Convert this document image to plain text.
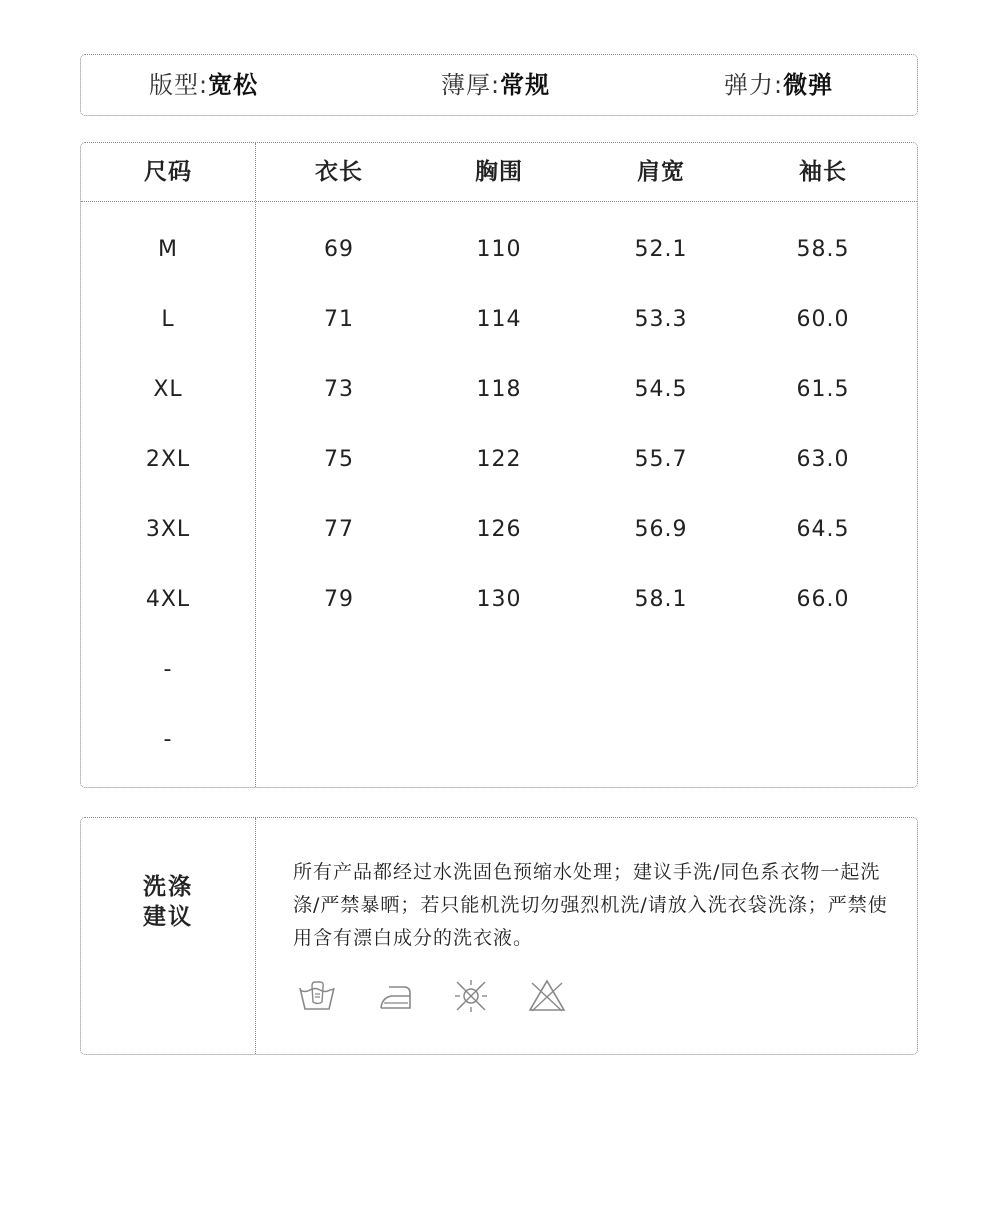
版型:宽松	薄厚:常规	弹力:微弹
尺码	衣长	胸围	肩宽	袖长
M	69	110	52.1	58.5
L	71	114	53.3	60.0
XL	73	118	54.5	61.5
2XL	75	122	55.7	63.0
3XL	77	126	56.9	64.5
4XL	79	130	58.1	66.0
-
-
洗涤
建议
所有产品都经过水洗固色预缩水处理；建议手洗/同色系衣物一起洗涤/严禁暴晒；若只能机洗切勿强烈机洗/请放入洗衣袋洗涤；严禁使用含有漂白成分的洗衣液。
